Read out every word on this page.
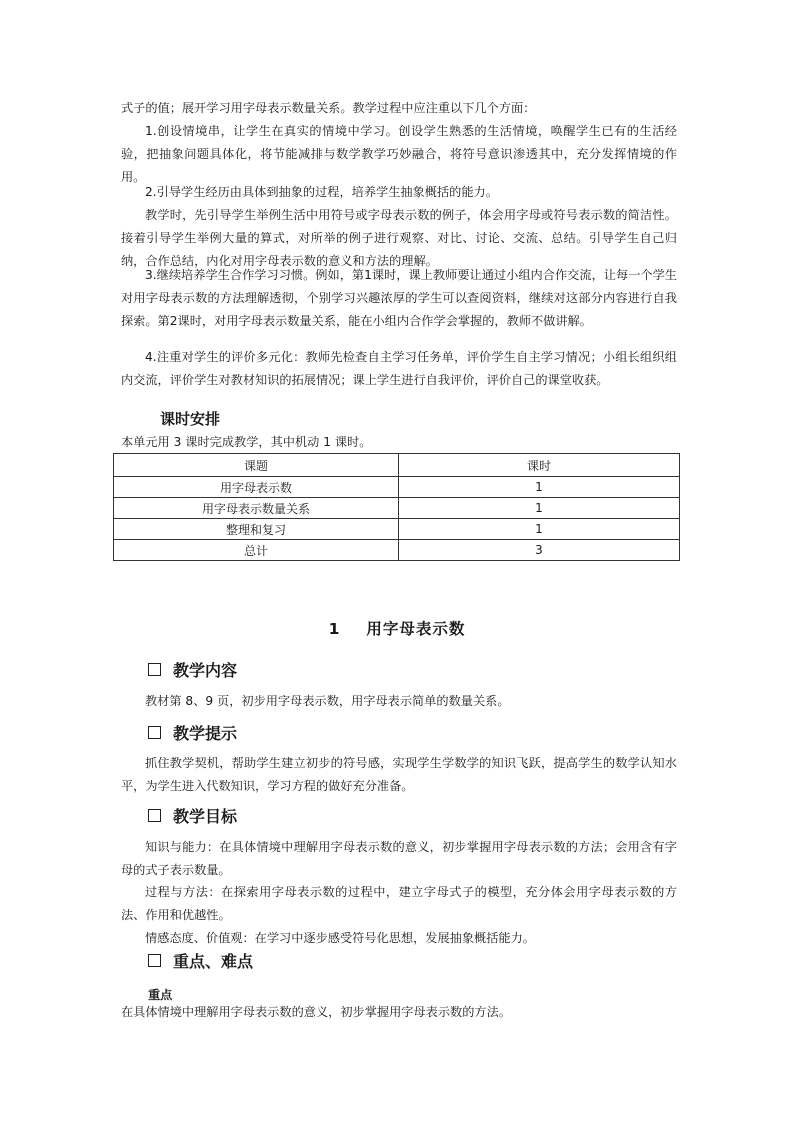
式子的值；展开学习用字母表示数量关系。教学过程中应注重以下几个方面：

1.创设情境串，让学生在真实的情境中学习。创设学生熟悉的生活情境，唤醒学生已有的生活经验，把抽象问题具体化，将节能减排与数学教学巧妙融合，将符号意识渗透其中，充分发挥情境的作用。

2.引导学生经历由具体到抽象的过程，培养学生抽象概括的能力。

教学时，先引导学生举例生活中用符号或字母表示数的例子，体会用字母或符号表示数的简洁性。接着引导学生举例大量的算式，对所举的例子进行观察、对比、讨论、交流、总结。引导学生自己归纳，合作总结，内化对用字母表示数的意义和方法的理解。

3.继续培养学生合作学习习惯。例如，第1课时，课上教师要让通过小组内合作交流，让每一个学生对用字母表示数的方法理解透彻，个别学习兴趣浓厚的学生可以查阅资料，继续对这部分内容进行自我探索。第2课时，对用字母表示数量关系，能在小组内合作学会掌握的，教师不做讲解。

4.注重对学生的评价多元化：教师先检查自主学习任务单，评价学生自主学习情况；小组长组织组内交流，评价学生对教材知识的拓展情况；课上学生进行自我评价，评价自己的课堂收获。

课时安排

本单元用 3 课时完成教学，其中机动 1 课时。

课题	课时
用字母表示数	1
用字母表示数量关系	1
整理和复习	1
总计	3
1 用字母表示数
教学内容

教材第 8、9 页，初步用字母表示数，用字母表示简单的数量关系。

教学提示

抓住教学契机，帮助学生建立初步的符号感，实现学生学数学的知识飞跃，提高学生的数学认知水平，为学生进入代数知识，学习方程的做好充分准备。

教学目标

知识与能力：在具体情境中理解用字母表示数的意义，初步掌握用字母表示数的方法；会用含有字母的式子表示数量。

过程与方法：在探索用字母表示数的过程中，建立字母式子的模型，充分体会用字母表示数的方法、作用和优越性。

情感态度、价值观：在学习中逐步感受符号化思想，发展抽象概括能力。

重点、难点

重点

在具体情境中理解用字母表示数的意义，初步掌握用字母表示数的方法。
